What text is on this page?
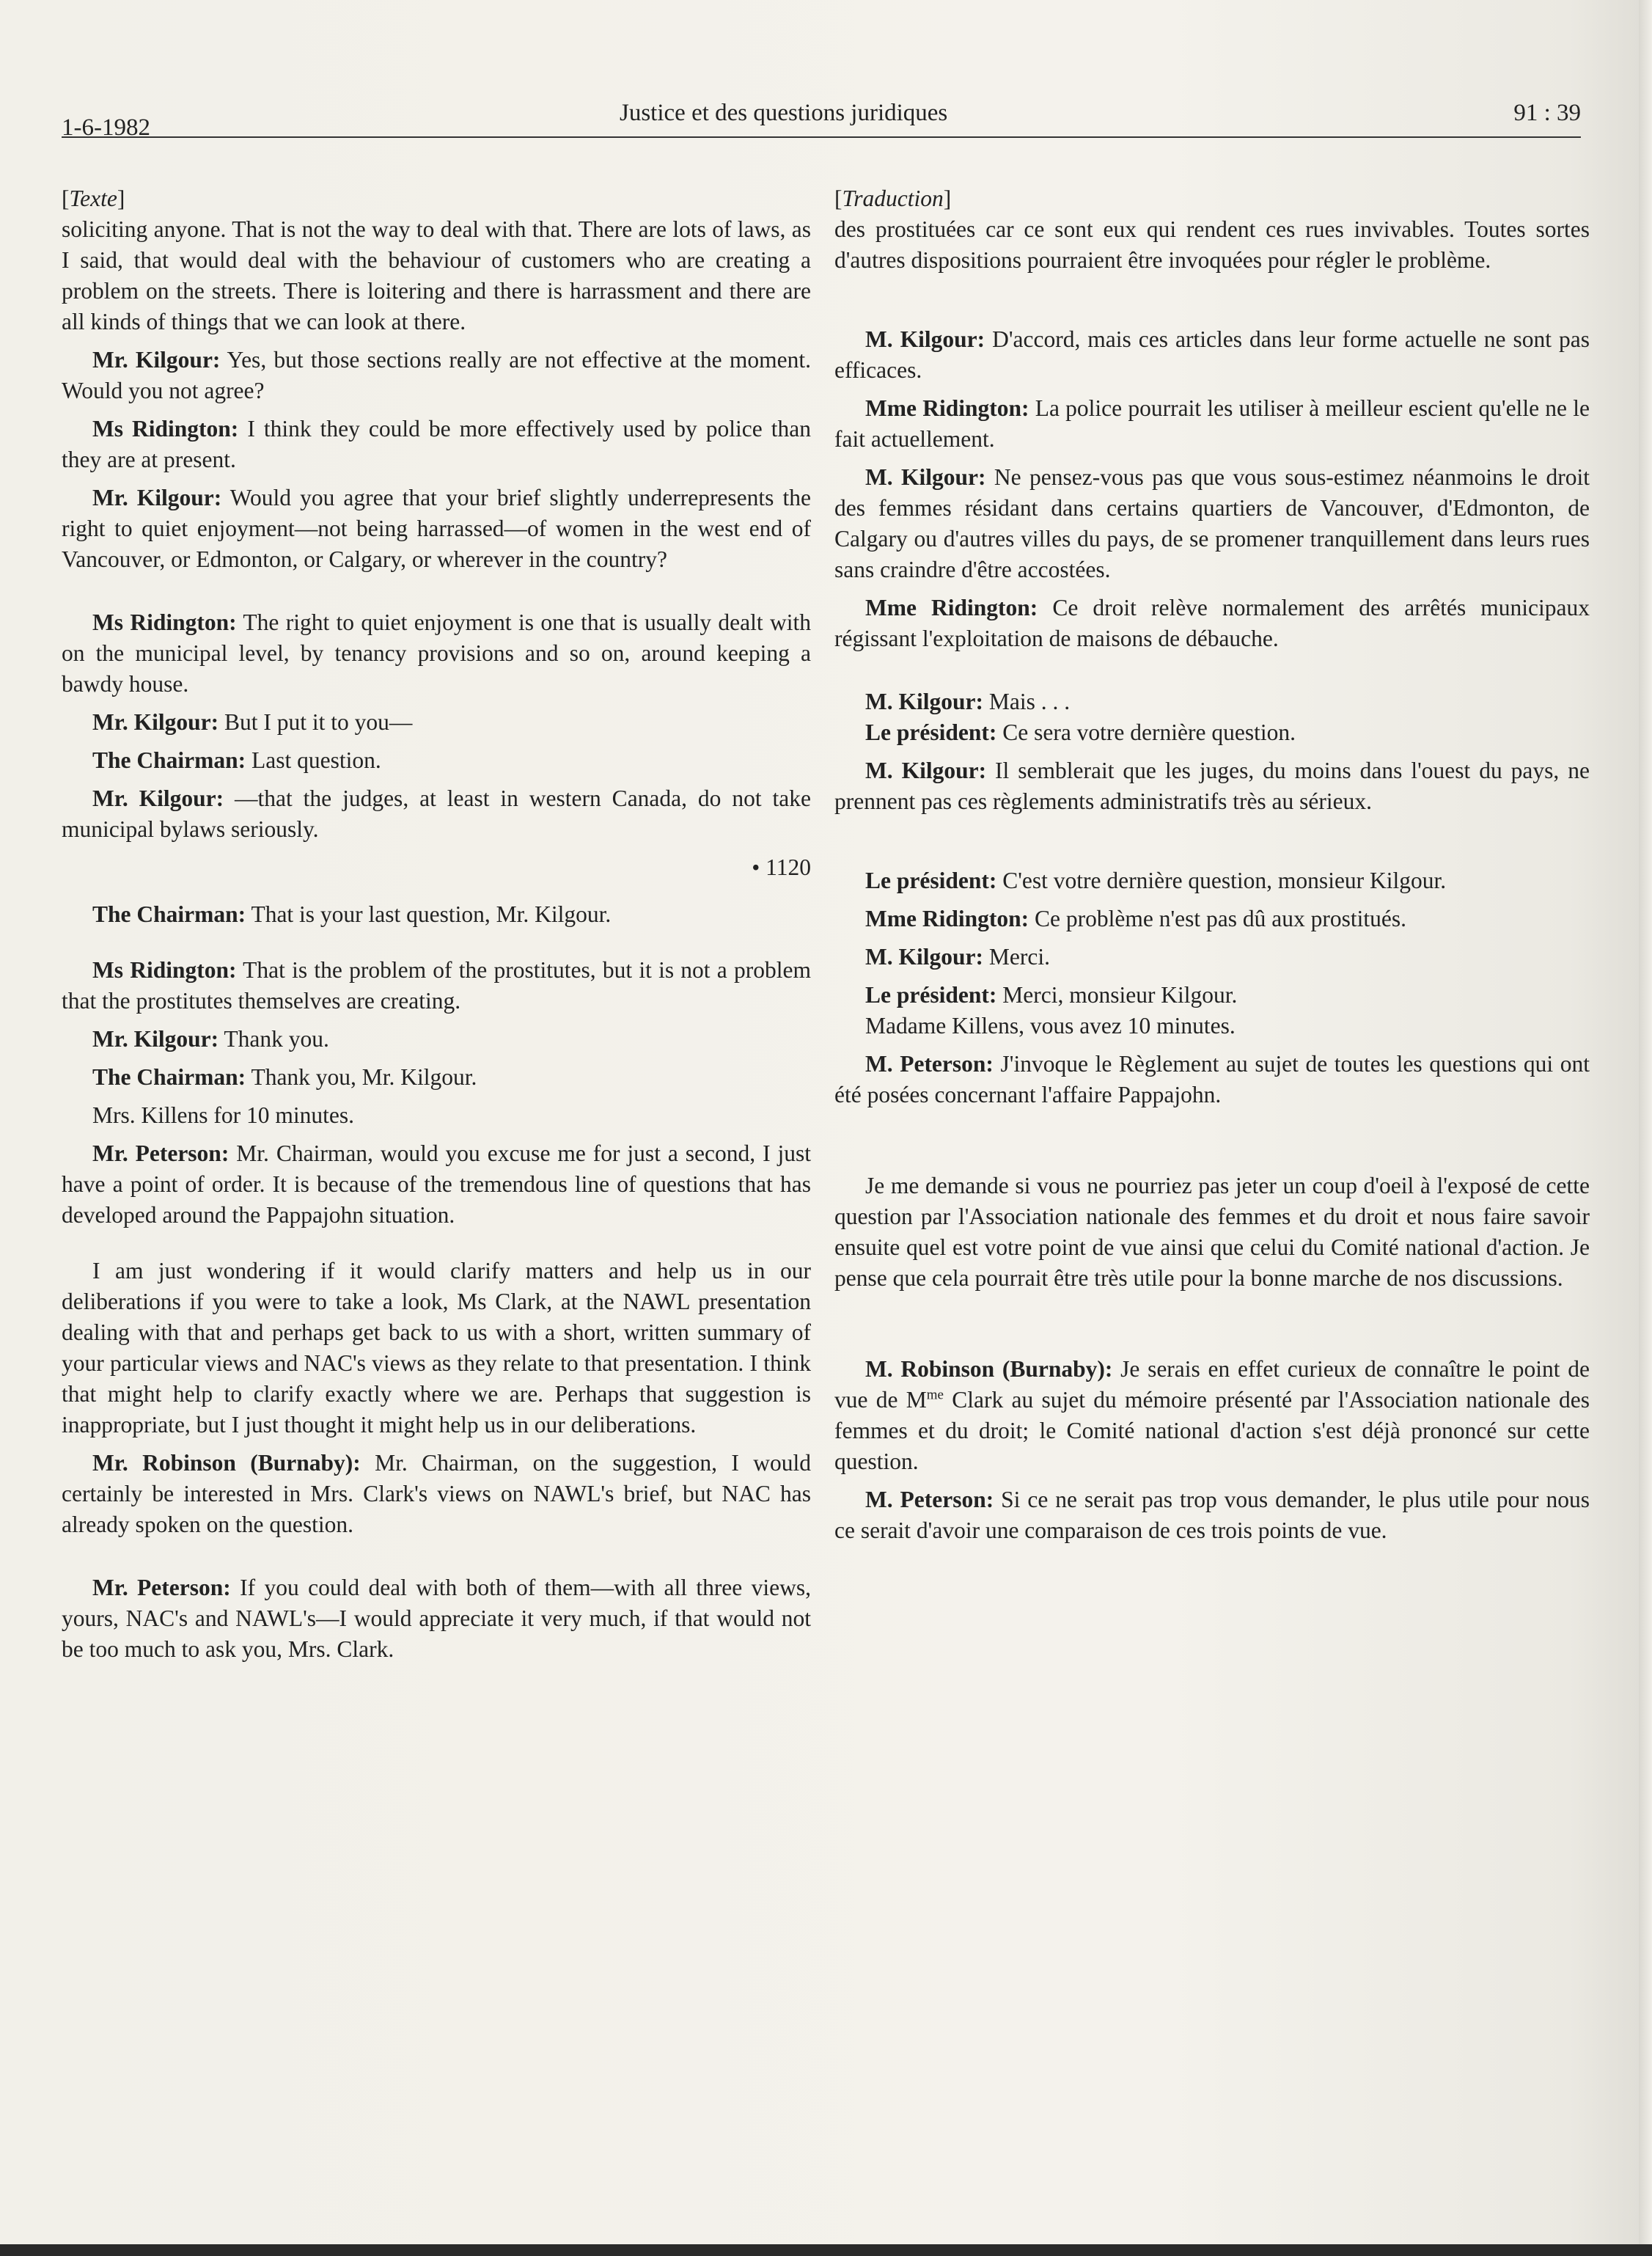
1-6-1982
Justice et des questions juridiques	91 : 39

[Texte]

soliciting anyone. That is not the way to deal with that. There are lots of laws, as I said, that would deal with the behaviour of customers who are creating a problem on the streets. There is loitering and there is harrassment and there are all kinds of things that we can look at there.

Mr. Kilgour: Yes, but those sections really are not effective at the moment. Would you not agree?

Ms Ridington: I think they could be more effectively used by police than they are at present.

Mr. Kilgour: Would you agree that your brief slightly underrepresents the right to quiet enjoyment—not being harrassed—of women in the west end of Vancouver, or Edmonton, or Calgary, or wherever in the country?

Ms Ridington: The right to quiet enjoyment is one that is usually dealt with on the municipal level, by tenancy provisions and so on, around keeping a bawdy house.

Mr. Kilgour: But I put it to you—

The Chairman: Last question.

Mr. Kilgour: —that the judges, at least in western Canada, do not take municipal bylaws seriously.

• 1120

The Chairman: That is your last question, Mr. Kilgour.

Ms Ridington: That is the problem of the prostitutes, but it is not a problem that the prostitutes themselves are creating.

Mr. Kilgour: Thank you.

The Chairman: Thank you, Mr. Kilgour.

Mrs. Killens for 10 minutes.

Mr. Peterson: Mr. Chairman, would you excuse me for just a second, I just have a point of order. It is because of the tremendous line of questions that has developed around the Pappajohn situation.

I am just wondering if it would clarify matters and help us in our deliberations if you were to take a look, Ms Clark, at the NAWL presentation dealing with that and perhaps get back to us with a short, written summary of your particular views and NAC's views as they relate to that presentation. I think that might help to clarify exactly where we are. Perhaps that suggestion is inappropriate, but I just thought it might help us in our deliberations.

Mr. Robinson (Burnaby): Mr. Chairman, on the suggestion, I would certainly be interested in Mrs. Clark's views on NAWL's brief, but NAC has already spoken on the question.

Mr. Peterson: If you could deal with both of them—with all three views, yours, NAC's and NAWL's—I would appreciate it very much, if that would not be too much to ask you, Mrs. Clark.

[Traduction]

des prostituées car ce sont eux qui rendent ces rues invivables. Toutes sortes d'autres dispositions pourraient être invoquées pour régler le problème.

M. Kilgour: D'accord, mais ces articles dans leur forme actuelle ne sont pas efficaces.

Mme Ridington: La police pourrait les utiliser à meilleur escient qu'elle ne le fait actuellement.

M. Kilgour: Ne pensez-vous pas que vous sous-estimez néanmoins le droit des femmes résidant dans certains quartiers de Vancouver, d'Edmonton, de Calgary ou d'autres villes du pays, de se promener tranquillement dans leurs rues sans craindre d'être accostées.

Mme Ridington: Ce droit relève normalement des arrêtés municipaux régissant l'exploitation de maisons de débauche.

M. Kilgour: Mais . . .

Le président: Ce sera votre dernière question.

M. Kilgour: Il semblerait que les juges, du moins dans l'ouest du pays, ne prennent pas ces règlements administratifs très au sérieux.

Le président: C'est votre dernière question, monsieur Kilgour.

Mme Ridington: Ce problème n'est pas dû aux prostitués.

M. Kilgour: Merci.

Le président: Merci, monsieur Kilgour.

Madame Killens, vous avez 10 minutes.

M. Peterson: J'invoque le Règlement au sujet de toutes les questions qui ont été posées concernant l'affaire Pappajohn.

Je me demande si vous ne pourriez pas jeter un coup d'oeil à l'exposé de cette question par l'Association nationale des femmes et du droit et nous faire savoir ensuite quel est votre point de vue ainsi que celui du Comité national d'action. Je pense que cela pourrait être très utile pour la bonne marche de nos discussions.

M. Robinson (Burnaby): Je serais en effet curieux de connaître le point de vue de $M^{me}$ Clark au sujet du mémoire présenté par l'Association nationale des femmes et du droit; le Comité national d'action s'est déjà prononcé sur cette question.

M. Peterson: Si ce ne serait pas trop vous demander, le plus utile pour nous ce serait d'avoir une comparaison de ces trois points de vue.
